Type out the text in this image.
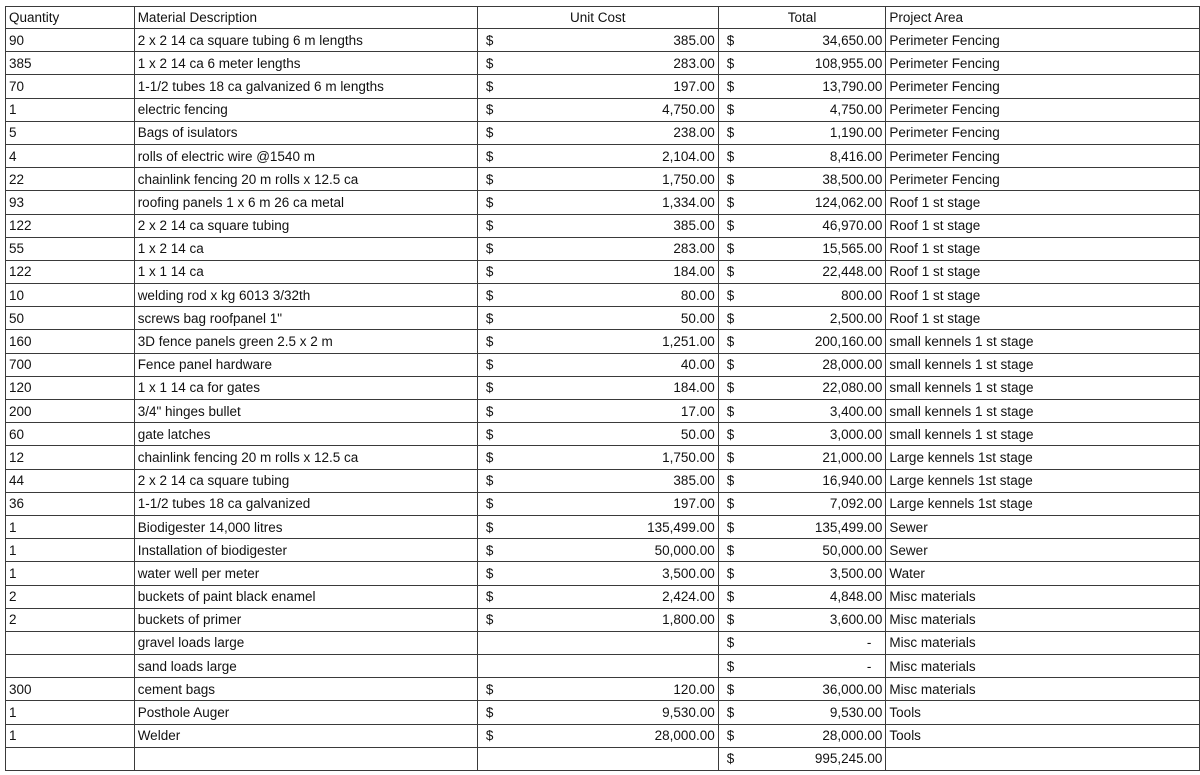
Quantity	Material Description	Unit Cost		Total		Project Area
90	2 x 2 14 ca square tubing 6 m lengths	$	385.00	$	34,650.00	Perimeter Fencing
385	1 x 2 14 ca 6 meter lengths	$	283.00	$	108,955.00	Perimeter Fencing
70	1-1/2 tubes 18 ca galvanized 6 m lengths	$	197.00	$	13,790.00	Perimeter Fencing
1	electric fencing	$	4,750.00	$	4,750.00	Perimeter Fencing
5	Bags of isulators	$	238.00	$	1,190.00	Perimeter Fencing
4	rolls of electric wire @1540 m	$	2,104.00	$	8,416.00	Perimeter Fencing
22	chainlink fencing 20 m rolls x 12.5 ca	$	1,750.00	$	38,500.00	Perimeter Fencing
93	roofing panels 1 x 6 m 26 ca metal	$	1,334.00	$	124,062.00	Roof 1 st stage
122	2 x 2 14 ca square tubing	$	385.00	$	46,970.00	Roof 1 st stage
55	1 x 2 14 ca	$	283.00	$	15,565.00	Roof 1 st stage
122	1 x 1 14 ca	$	184.00	$	22,448.00	Roof 1 st stage
10	welding rod x kg 6013 3/32th	$	80.00	$	800.00	Roof 1 st stage
50	screws bag roofpanel 1"	$	50.00	$	2,500.00	Roof 1 st stage
160	3D fence panels green 2.5 x 2 m	$	1,251.00	$	200,160.00	small kennels 1 st stage
700	Fence panel hardware	$	40.00	$	28,000.00	small kennels 1 st stage
120	1 x 1 14 ca for gates	$	184.00	$	22,080.00	small kennels 1 st stage
200	3/4" hinges bullet	$	17.00	$	3,400.00	small kennels 1 st stage
60	gate latches	$	50.00	$	3,000.00	small kennels 1 st stage
12	chainlink fencing 20 m rolls x 12.5 ca	$	1,750.00	$	21,000.00	Large kennels 1st stage
44	2 x 2 14 ca square tubing	$	385.00	$	16,940.00	Large kennels 1st stage
36	1-1/2 tubes 18 ca galvanized	$	197.00	$	7,092.00	Large kennels 1st stage
1	Biodigester 14,000 litres	$	135,499.00	$	135,499.00	Sewer
1	Installation of biodigester	$	50,000.00	$	50,000.00	Sewer
1	water well per meter	$	3,500.00	$	3,500.00	Water
2	buckets of paint black enamel	$	2,424.00	$	4,848.00	Misc materials
2	buckets of primer	$	1,800.00	$	3,600.00	Misc materials
	gravel loads large			$	-	Misc materials
	sand loads large			$	-	Misc materials
300	cement bags	$	120.00	$	36,000.00	Misc materials
1	Posthole Auger	$	9,530.00	$	9,530.00	Tools
1	Welder	$	28,000.00	$	28,000.00	Tools
				$	995,245.00	
